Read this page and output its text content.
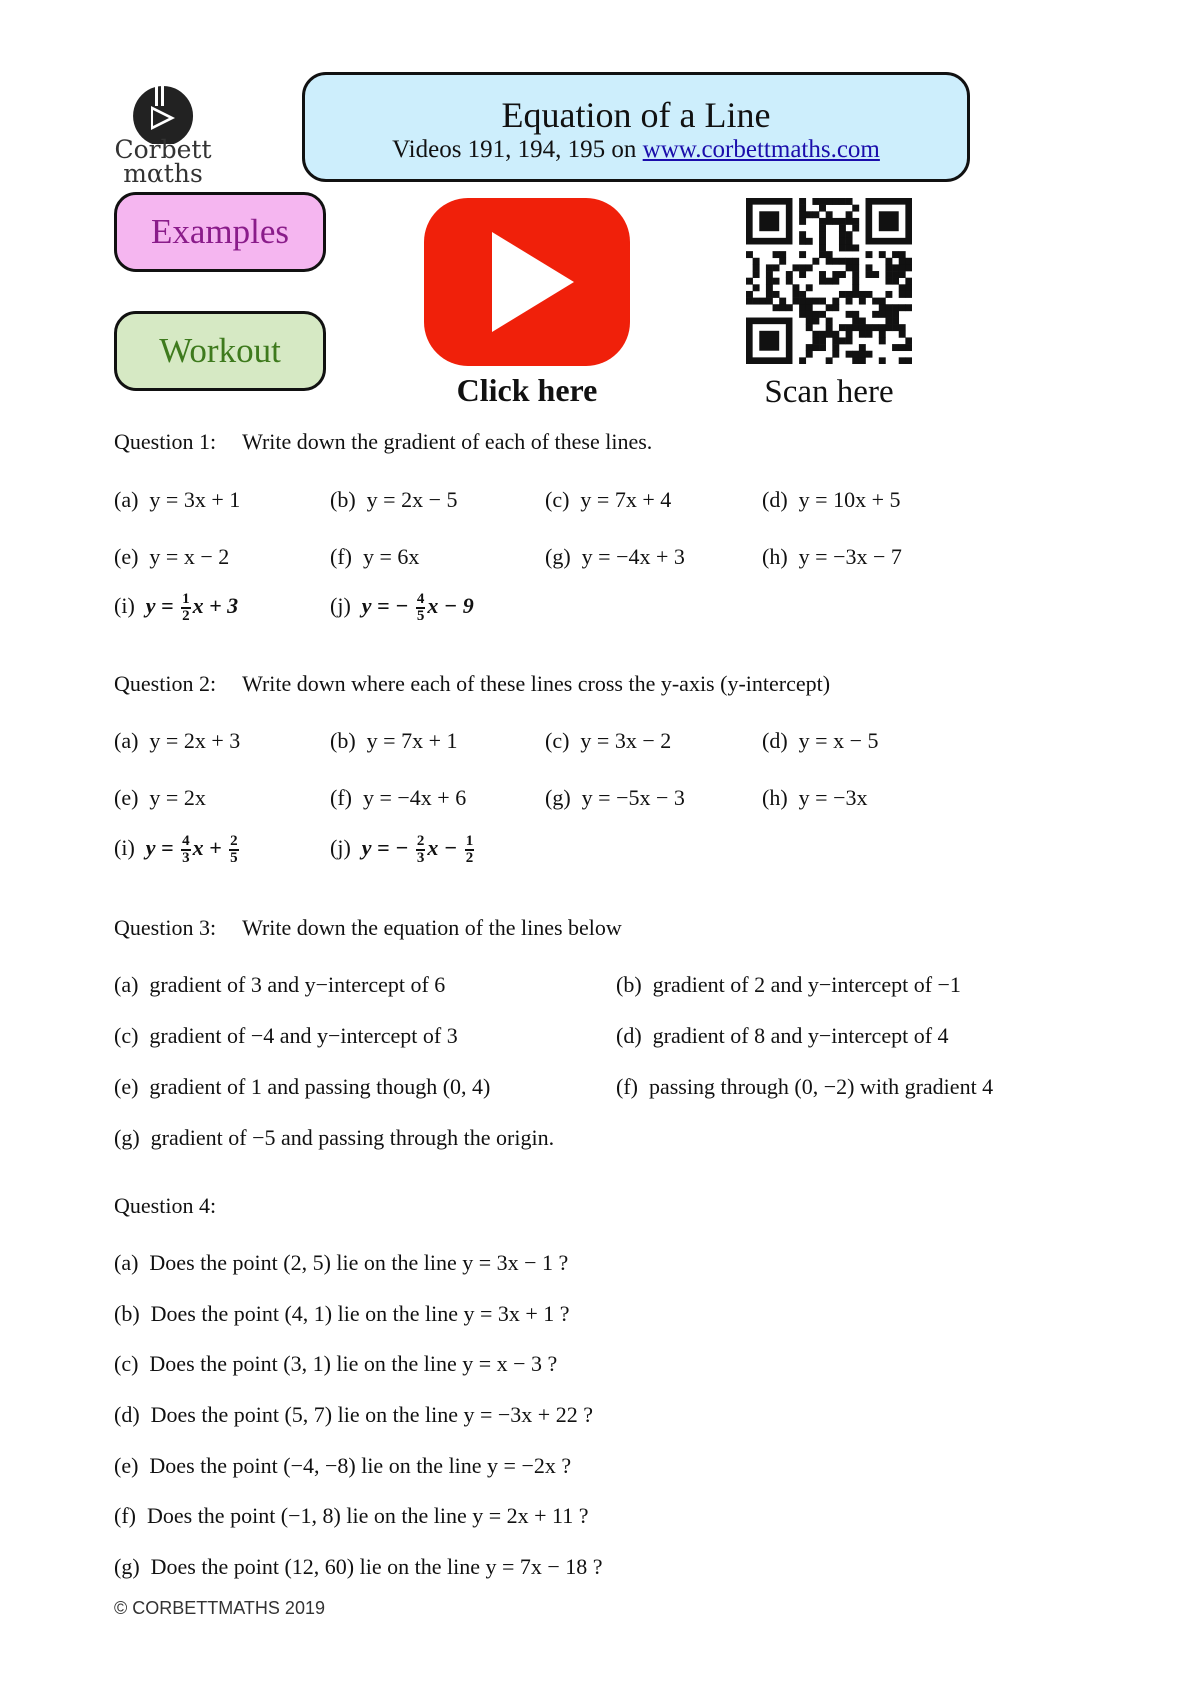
Corbett
mαths
Equation of a Line
Videos 191, 194, 195 on www.corbettmaths.com
Examples
Workout
Click here	Scan here
Question 1: Write down the gradient of each of these lines.
(a) y = 3x + 1	(b) y = 2x − 5	(c) y = 7x + 4	(d) y = 10x + 5
(e) y = x − 2	(f) y = 6x	(g) y = −4x + 3	(h) y = −3x − 7
(i) $y = \frac{1}{2}$ x + 3	(j) y = − $\frac{4}{5}$ x − 9
Question 2: Write down where each of these lines cross the y-axis (y-intercept)
(a) y = 2x + 3	(b) y = 7x + 1	(c) y = 3x − 2	(d) y = x − 5
(e) y = 2x	(f) y = −4x + 6	(g) y = −5x − 3	(h) y = −3x
(i) $y = \frac{4}{3}$ $x + \frac{2}{5}$	(j) y = − $\frac{2}{3}$ $x - \frac{1}{2}$
Question 3: Write down the equation of the lines below
(a) gradient of 3 and y−intercept of 6	(b) gradient of 2 and y−intercept of −1
(c) gradient of −4 and y−intercept of 3	(d) gradient of 8 and y−intercept of 4
(e) gradient of 1 and passing though (0, 4)	(f) passing through (0, −2) with gradient 4
(g) gradient of −5 and passing through the origin.
Question 4:
(a) Does the point (2, 5) lie on the line y = 3x − 1 ?
(b) Does the point (4, 1) lie on the line y = 3x + 1 ?
(c) Does the point (3, 1) lie on the line y = x − 3 ?
(d) Does the point (5, 7) lie on the line y = −3x + 22 ?
(e) Does the point (−4, −8) lie on the line y = −2x ?
(f) Does the point (−1, 8) lie on the line y = 2x + 11 ?
(g) Does the point (12, 60) lie on the line y = 7x − 18 ?
© CORBETTMATHS 2019
